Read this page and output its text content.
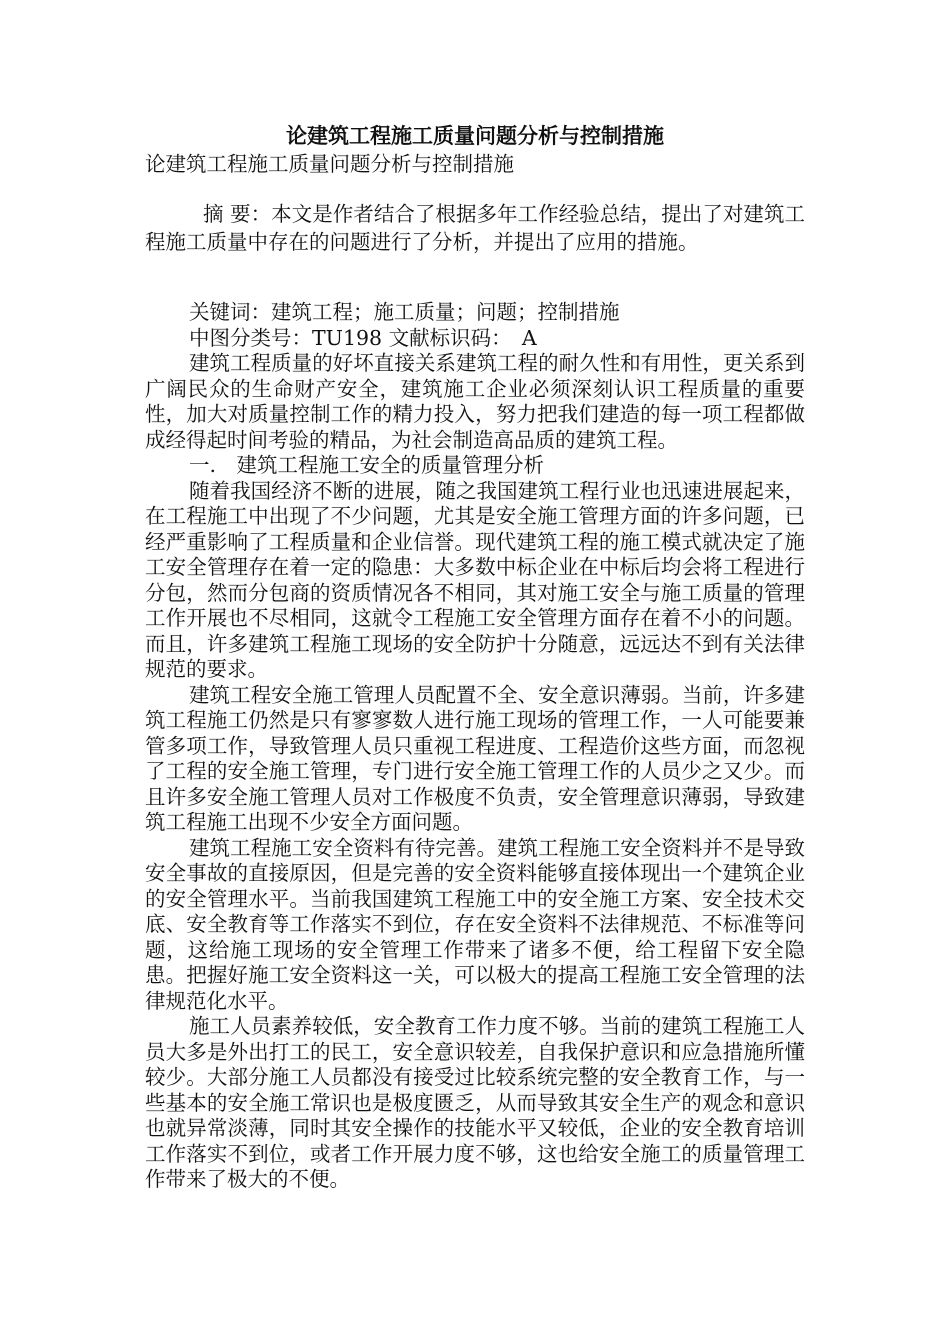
论建筑工程施工质量问题分析与控制措施

论建筑工程施工质量问题分析与控制措施

摘 要：本文是作者结合了根据多年工作经验总结，提出了对建筑工程施工质量中存在的问题进行了分析，并提出了应用的措施。

关键词：建筑工程；施工质量；问题；控制措施

中图分类号：TU198 文献标识码：　A

建筑工程质量的好坏直接关系建筑工程的耐久性和有用性，更关系到广阔民众的生命财产安全，建筑施工企业必须深刻认识工程质量的重要性，加大对质量控制工作的精力投入，努力把我们建造的每一项工程都做成经得起时间考验的精品，为社会制造高品质的建筑工程。

一.　建筑工程施工安全的质量管理分析

随着我国经济不断的进展，随之我国建筑工程行业也迅速进展起来，在工程施工中出现了不少问题，尤其是安全施工管理方面的许多问题，已经严重影响了工程质量和企业信誉。现代建筑工程的施工模式就决定了施工安全管理存在着一定的隐患：大多数中标企业在中标后均会将工程进行分包，然而分包商的资质情况各不相同，其对施工安全与施工质量的管理工作开展也不尽相同，这就令工程施工安全管理方面存在着不小的问题。而且，许多建筑工程施工现场的安全防护十分随意，远远达不到有关法律规范的要求。

建筑工程安全施工管理人员配置不全、安全意识薄弱。当前，许多建筑工程施工仍然是只有寥寥数人进行施工现场的管理工作，一人可能要兼管多项工作，导致管理人员只重视工程进度、工程造价这些方面，而忽视了工程的安全施工管理，专门进行安全施工管理工作的人员少之又少。而且许多安全施工管理人员对工作极度不负责，安全管理意识薄弱，导致建筑工程施工出现不少安全方面问题。

建筑工程施工安全资料有待完善。建筑工程施工安全资料并不是导致安全事故的直接原因，但是完善的安全资料能够直接体现出一个建筑企业的安全管理水平。当前我国建筑工程施工中的安全施工方案、安全技术交底、安全教育等工作落实不到位，存在安全资料不法律规范、不标准等问题，这给施工现场的安全管理工作带来了诸多不便，给工程留下安全隐患。把握好施工安全资料这一关，可以极大的提高工程施工安全管理的法律规范化水平。

施工人员素养较低，安全教育工作力度不够。当前的建筑工程施工人员大多是外出打工的民工，安全意识较差，自我保护意识和应急措施所懂较少。大部分施工人员都没有接受过比较系统完整的安全教育工作，与一些基本的安全施工常识也是极度匮乏，从而导致其安全生产的观念和意识也就异常淡薄，同时其安全操作的技能水平又较低，企业的安全教育培训工作落实不到位，或者工作开展力度不够，这也给安全施工的质量管理工作带来了极大的不便。
